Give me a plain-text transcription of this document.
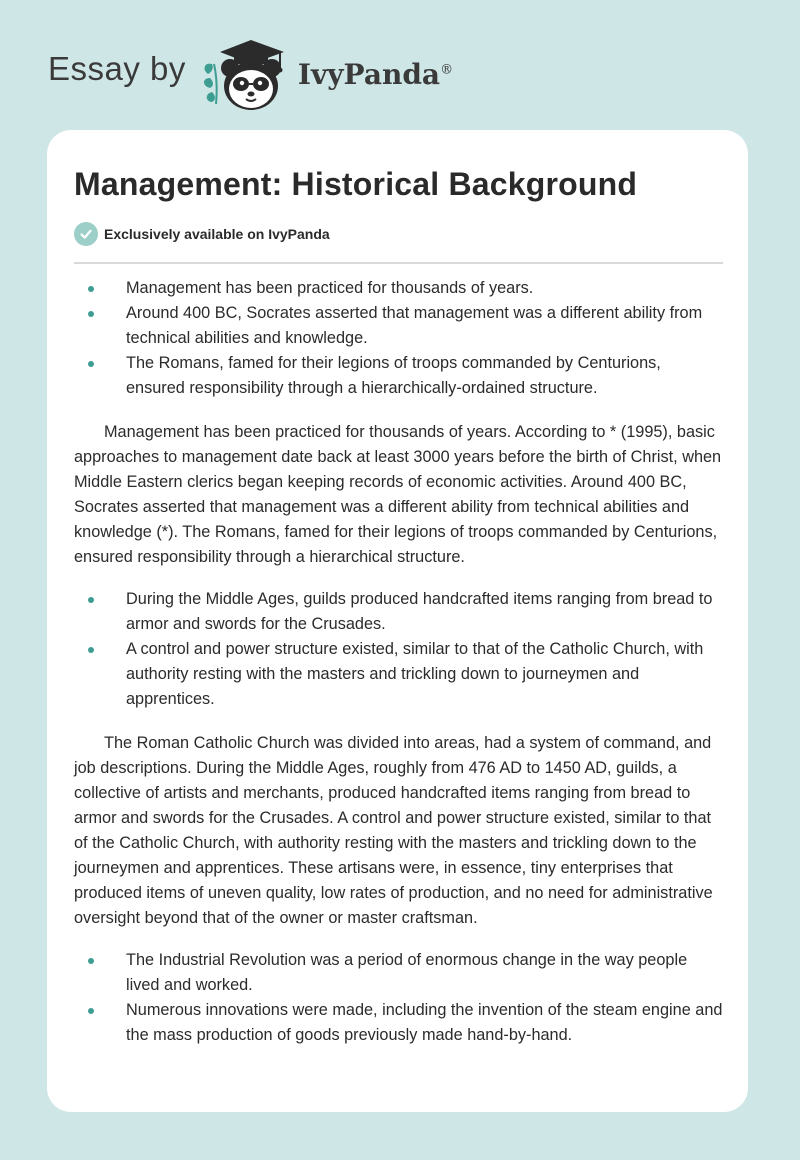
Essay by	IvyPanda®
Management: Historical Background
Exclusively available on IvyPanda
Management has been practiced for thousands of years.
Around 400 BC, Socrates asserted that management was a different ability from technical abilities and knowledge.
The Romans, famed for their legions of troops commanded by Centurions, ensured responsibility through a hierarchically-ordained structure.

Management has been practiced for thousands of years. According to * (1995), basic approaches to management date back at least 3000 years before the birth of Christ, when Middle Eastern clerics began keeping records of economic activities. Around 400 BC, Socrates asserted that management was a different ability from technical abilities and knowledge (*). The Romans, famed for their legions of troops commanded by Centurions, ensured responsibility through a hierarchical structure.

During the Middle Ages, guilds produced handcrafted items ranging from bread to armor and swords for the Crusades.
A control and power structure existed, similar to that of the Catholic Church, with authority resting with the masters and trickling down to journeymen and apprentices.

The Roman Catholic Church was divided into areas, had a system of command, and job descriptions. During the Middle Ages, roughly from 476 AD to 1450 AD, guilds, a collective of artists and merchants, produced handcrafted items ranging from bread to armor and swords for the Crusades. A control and power structure existed, similar to that of the Catholic Church, with authority resting with the masters and trickling down to the journeymen and apprentices. These artisans were, in essence, tiny enterprises that produced items of uneven quality, low rates of production, and no need for administrative oversight beyond that of the owner or master craftsman.

The Industrial Revolution was a period of enormous change in the way people lived and worked.
Numerous innovations were made, including the invention of the steam engine and the mass production of goods previously made hand-by-hand.
